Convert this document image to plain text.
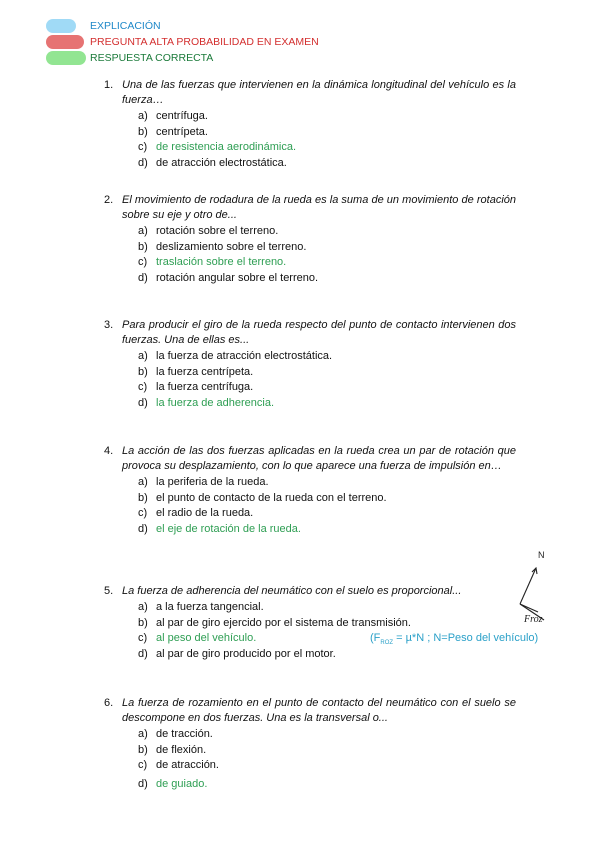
EXPLICACIÓN
PREGUNTA ALTA PROBABILIDAD EN EXAMEN
RESPUESTA CORRECTA
1. Una de las fuerzas que intervienen en la dinámica longitudinal del vehículo es la fuerza…
a) centrífuga.
b) centrípeta.
c) de resistencia aerodinámica.
d) de atracción electrostática.
2. El movimiento de rodadura de la rueda es la suma de un movimiento de rotación sobre su eje y otro de...
a) rotación sobre el terreno.
b) deslizamiento sobre el terreno.
c) traslación sobre el terreno.
d) rotación angular sobre el terreno.
3. Para producir el giro de la rueda respecto del punto de contacto intervienen dos fuerzas. Una de ellas es...
a) la fuerza de atracción electrostática.
b) la fuerza centrípeta.
c) la fuerza centrífuga.
d) la fuerza de adherencia.
4. La acción de las dos fuerzas aplicadas en la rueda crea un par de rotación que provoca su desplazamiento, con lo que aparece una fuerza de impulsión en…
a) la periferia de la rueda.
b) el punto de contacto de la rueda con el terreno.
c) el radio de la rueda.
d) el eje de rotación de la rueda.
5. La fuerza de adherencia del neumático con el suelo es proporcional...
a) a la fuerza tangencial.
b) al par de giro ejercido por el sistema de transmisión.
c) al peso del vehículo.	($F_{ROZ} = \mu*N$ ; N=Peso del vehículo)
d) al par de giro producido por el motor.
6. La fuerza de rozamiento en el punto de contacto del neumático con el suelo se descompone en dos fuerzas. Una es la transversal o...
a) de tracción.
b) de flexión.
c) de atracción.
d) de guiado.
N
Froz
